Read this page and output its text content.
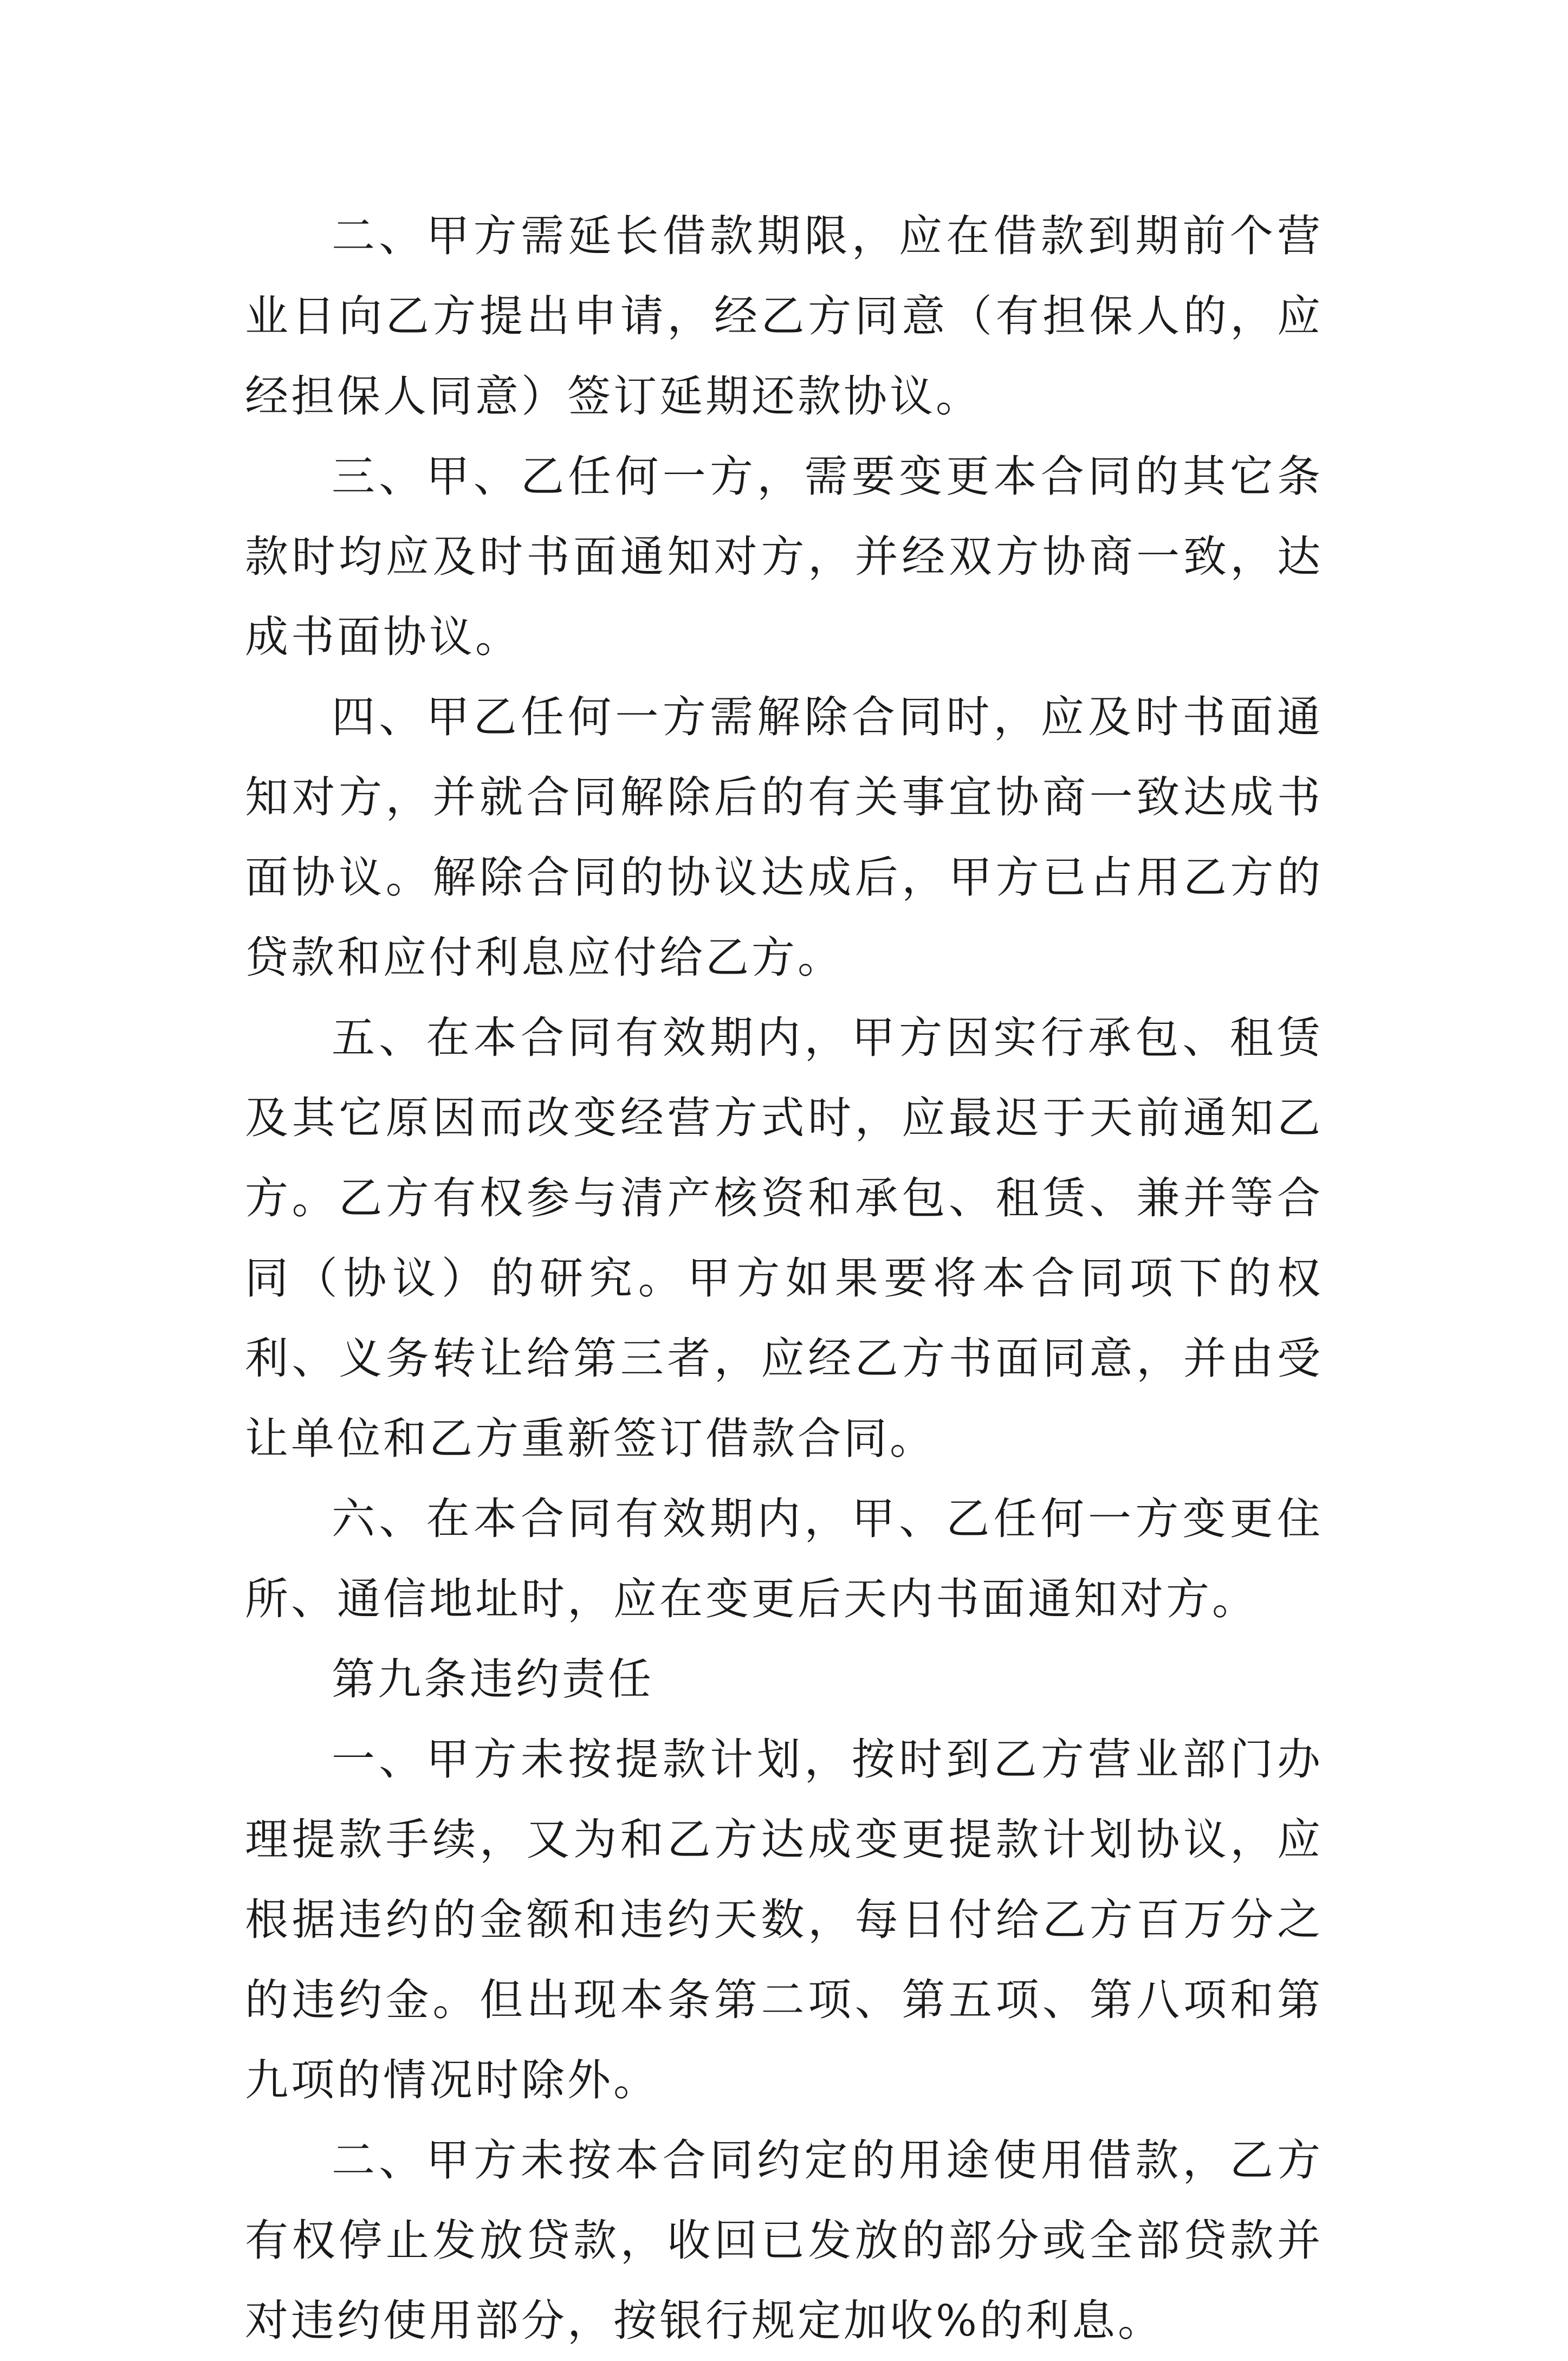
二、甲方需延长借款期限，应在借款到期前个营业日向乙方提出申请，经乙方同意（有担保人的，应经担保人同意）签订延期还款协议。

三、甲、乙任何一方，需要变更本合同的其它条款时均应及时书面通知对方，并经双方协商一致，达成书面协议。

四、甲乙任何一方需解除合同时，应及时书面通知对方，并就合同解除后的有关事宜协商一致达成书面协议。解除合同的协议达成后，甲方已占用乙方的贷款和应付利息应付给乙方。

五、在本合同有效期内，甲方因实行承包、租赁及其它原因而改变经营方式时，应最迟于天前通知乙方。乙方有权参与清产核资和承包、租赁、兼并等合同（协议）的研究。甲方如果要将本合同项下的权利、义务转让给第三者，应经乙方书面同意，并由受让单位和乙方重新签订借款合同。

六、在本合同有效期内，甲、乙任何一方变更住所、通信地址时，应在变更后天内书面通知对方。

第九条违约责任

一、甲方未按提款计划，按时到乙方营业部门办理提款手续，又为和乙方达成变更提款计划协议，应根据违约的金额和违约天数，每日付给乙方百万分之的违约金。但出现本条第二项、第五项、第八项和第九项的情况时除外。

二、甲方未按本合同约定的用途使用借款，乙方有权停止发放贷款，收回已发放的部分或全部贷款并对违约使用部分，按银行规定加收%的利息。
